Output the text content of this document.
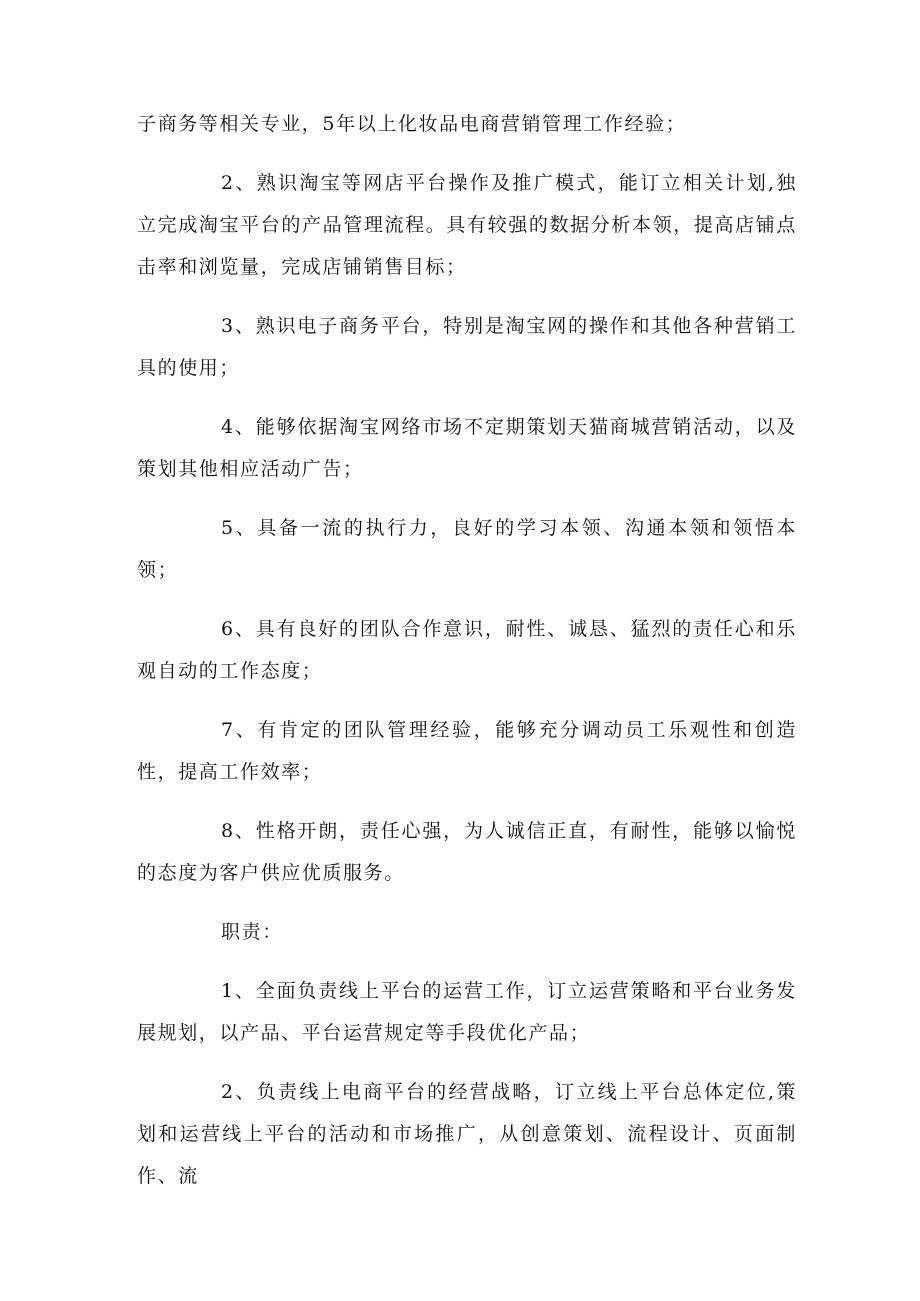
子商务等相关专业，5年以上化妆品电商营销管理工作经验；

2、熟识淘宝等网店平台操作及推广模式，能订立相关计划,独立完成淘宝平台的产品管理流程。具有较强的数据分析本领，提高店铺点击率和浏览量，完成店铺销售目标；

3、熟识电子商务平台，特别是淘宝网的操作和其他各种营销工具的使用；

4、能够依据淘宝网络市场不定期策划天猫商城营销活动，以及策划其他相应活动广告；

5、具备一流的执行力，良好的学习本领、沟通本领和领悟本领；

6、具有良好的团队合作意识，耐性、诚恳、猛烈的责任心和乐观自动的工作态度；

7、有肯定的团队管理经验，能够充分调动员工乐观性和创造性，提高工作效率；

8、性格开朗，责任心强，为人诚信正直，有耐性，能够以愉悦的态度为客户供应优质服务。

职责：

1、全面负责线上平台的运营工作，订立运营策略和平台业务发展规划，以产品、平台运营规定等手段优化产品；

2、负责线上电商平台的经营战略，订立线上平台总体定位,策划和运营线上平台的活动和市场推广，从创意策划、流程设计、页面制作、流
